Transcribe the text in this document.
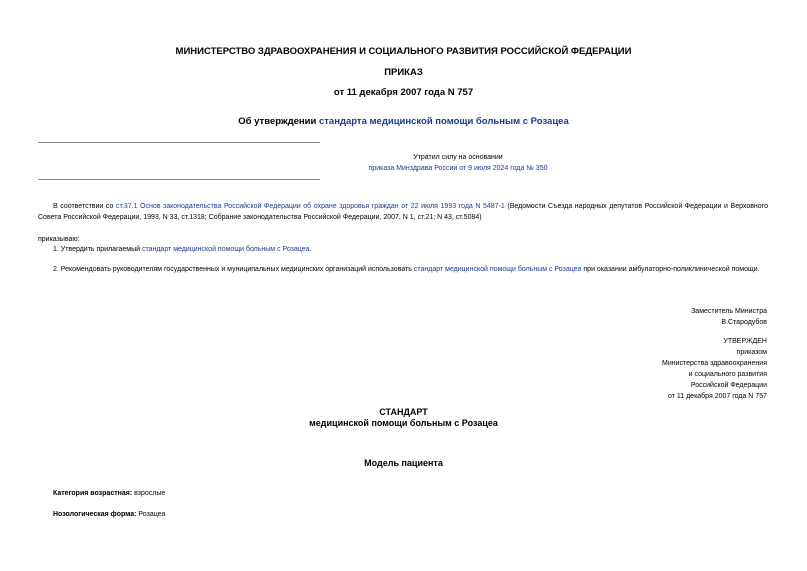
МИНИСТЕРСТВО ЗДРАВООХРАНЕНИЯ И СОЦИАЛЬНОГО РАЗВИТИЯ РОССИЙСКОЙ ФЕДЕРАЦИИ
ПРИКАЗ
от 11 декабря 2007 года N 757
Об утверждении стандарта медицинской помощи больным с Розацеа
Утратил силу на основании
приказа Минздрава России от 9 июля 2024 года № 350
В соответствии со ст.37.1 Основ законодательства Российской Федерации об охране здоровья граждан от 22 июля 1993 года N 5487-1 (Ведомости Съезда народных депутатов Российской Федерации и Верховного Совета Российской Федерации, 1993, N 33, ст.1318; Собрание законодательства Российской Федерации, 2007, N 1, ст.21; N 43, ст.5084)
приказываю:
1. Утвердить прилагаемый стандарт медицинской помощи больным с Розацеа.
2. Рекомендовать руководителям государственных и муниципальных медицинских организаций использовать стандарт медицинской помощи больным с Розацеа при оказании амбулаторно-поликлинической помощи.
Заместитель Министра
В.Стародубов
УТВЕРЖДЕН
приказом
Министерства здравоохранения
и социального развития
Российской Федерации
от 11 декабря 2007 года N 757
СТАНДАРТ
медицинской помощи больным с Розацеа
Модель пациента
Категория возрастная: взрослые
Нозологическая форма: Розацеа
